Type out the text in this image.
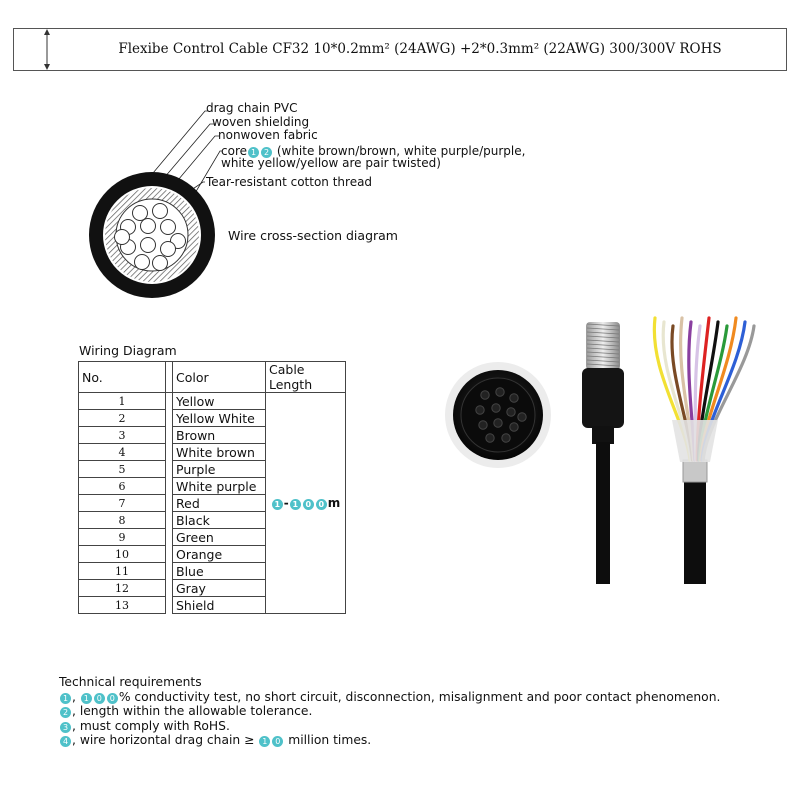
Flexibe Control Cable CF32 10*0.2mm² (24AWG) +2*0.3mm² (22AWG) 300/300V ROHS
drag chain PVC
woven shielding
nonwoven fabric
core 1 2 (white brown/brown, white purple/purple,
white yellow/yellow are pair twisted)
Tear-resistant cotton thread
Wire cross-section diagram
Wiring Diagram
No.		Color	Cable Length
1		Yellow	1 - 1 0 0 m
2		Yellow White	
3		Brown	
4		White brown	
5		Purple	
6		White purple	
7		Red	
8		Black	
9		Green	
10		Orange	
11		Blue	
12		Gray	
13		Shield	
Technical requirements
1 , 1 0 0 % conductivity test, no short circuit, disconnection, misalignment and poor contact phenomenon.
2 , length within the allowable tolerance.
3 , must comply with RoHS.
4 , wire horizontal drag chain ≥ 1 0 million times.
